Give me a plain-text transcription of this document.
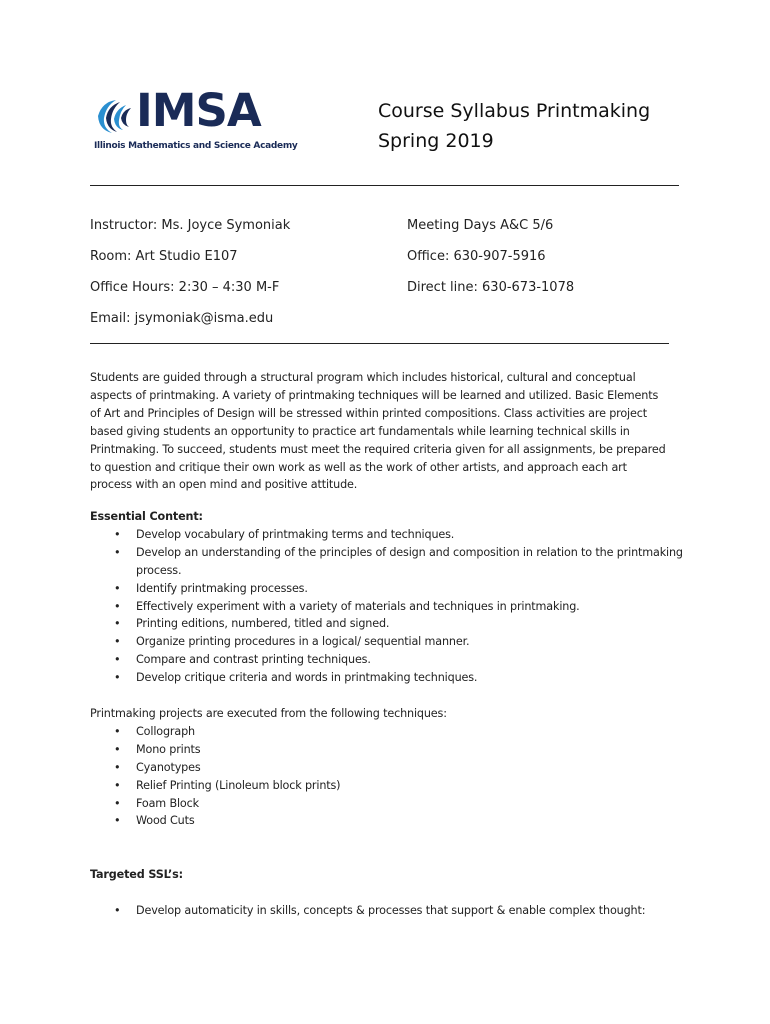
IMSA
Illinois Mathematics and Science Academy
Course Syllabus Printmaking
Spring 2019
Instructor: Ms. Joyce Symoniak	Meeting Days A&C 5/6
Room: Art Studio E107	Office: 630-907-5916
Office Hours: 2:30 – 4:30 M-F	Direct line: 630-673-1078
Email: jsymoniak@isma.edu
Students are guided through a structural program which includes historical, cultural and conceptual aspects of printmaking. A variety of printmaking techniques will be learned and utilized. Basic Elements of Art and Principles of Design will be stressed within printed compositions. Class activities are project based giving students an opportunity to practice art fundamentals while learning technical skills in Printmaking. To succeed, students must meet the required criteria given for all assignments, be prepared to question and critique their own work as well as the work of other artists, and approach each art process with an open mind and positive attitude.
Essential Content:
• Develop vocabulary of printmaking terms and techniques.
• Develop an understanding of the principles of design and composition in relation to the printmaking process.
• Identify printmaking processes.
• Effectively experiment with a variety of materials and techniques in printmaking.
• Printing editions, numbered, titled and signed.
• Organize printing procedures in a logical/ sequential manner.
• Compare and contrast printing techniques.
• Develop critique criteria and words in printmaking techniques.
Printmaking projects are executed from the following techniques:
• Collograph
• Mono prints
• Cyanotypes
• Relief Printing (Linoleum block prints)
• Foam Block
• Wood Cuts
Targeted SSL’s:
• Develop automaticity in skills, concepts & processes that support & enable complex thought:
